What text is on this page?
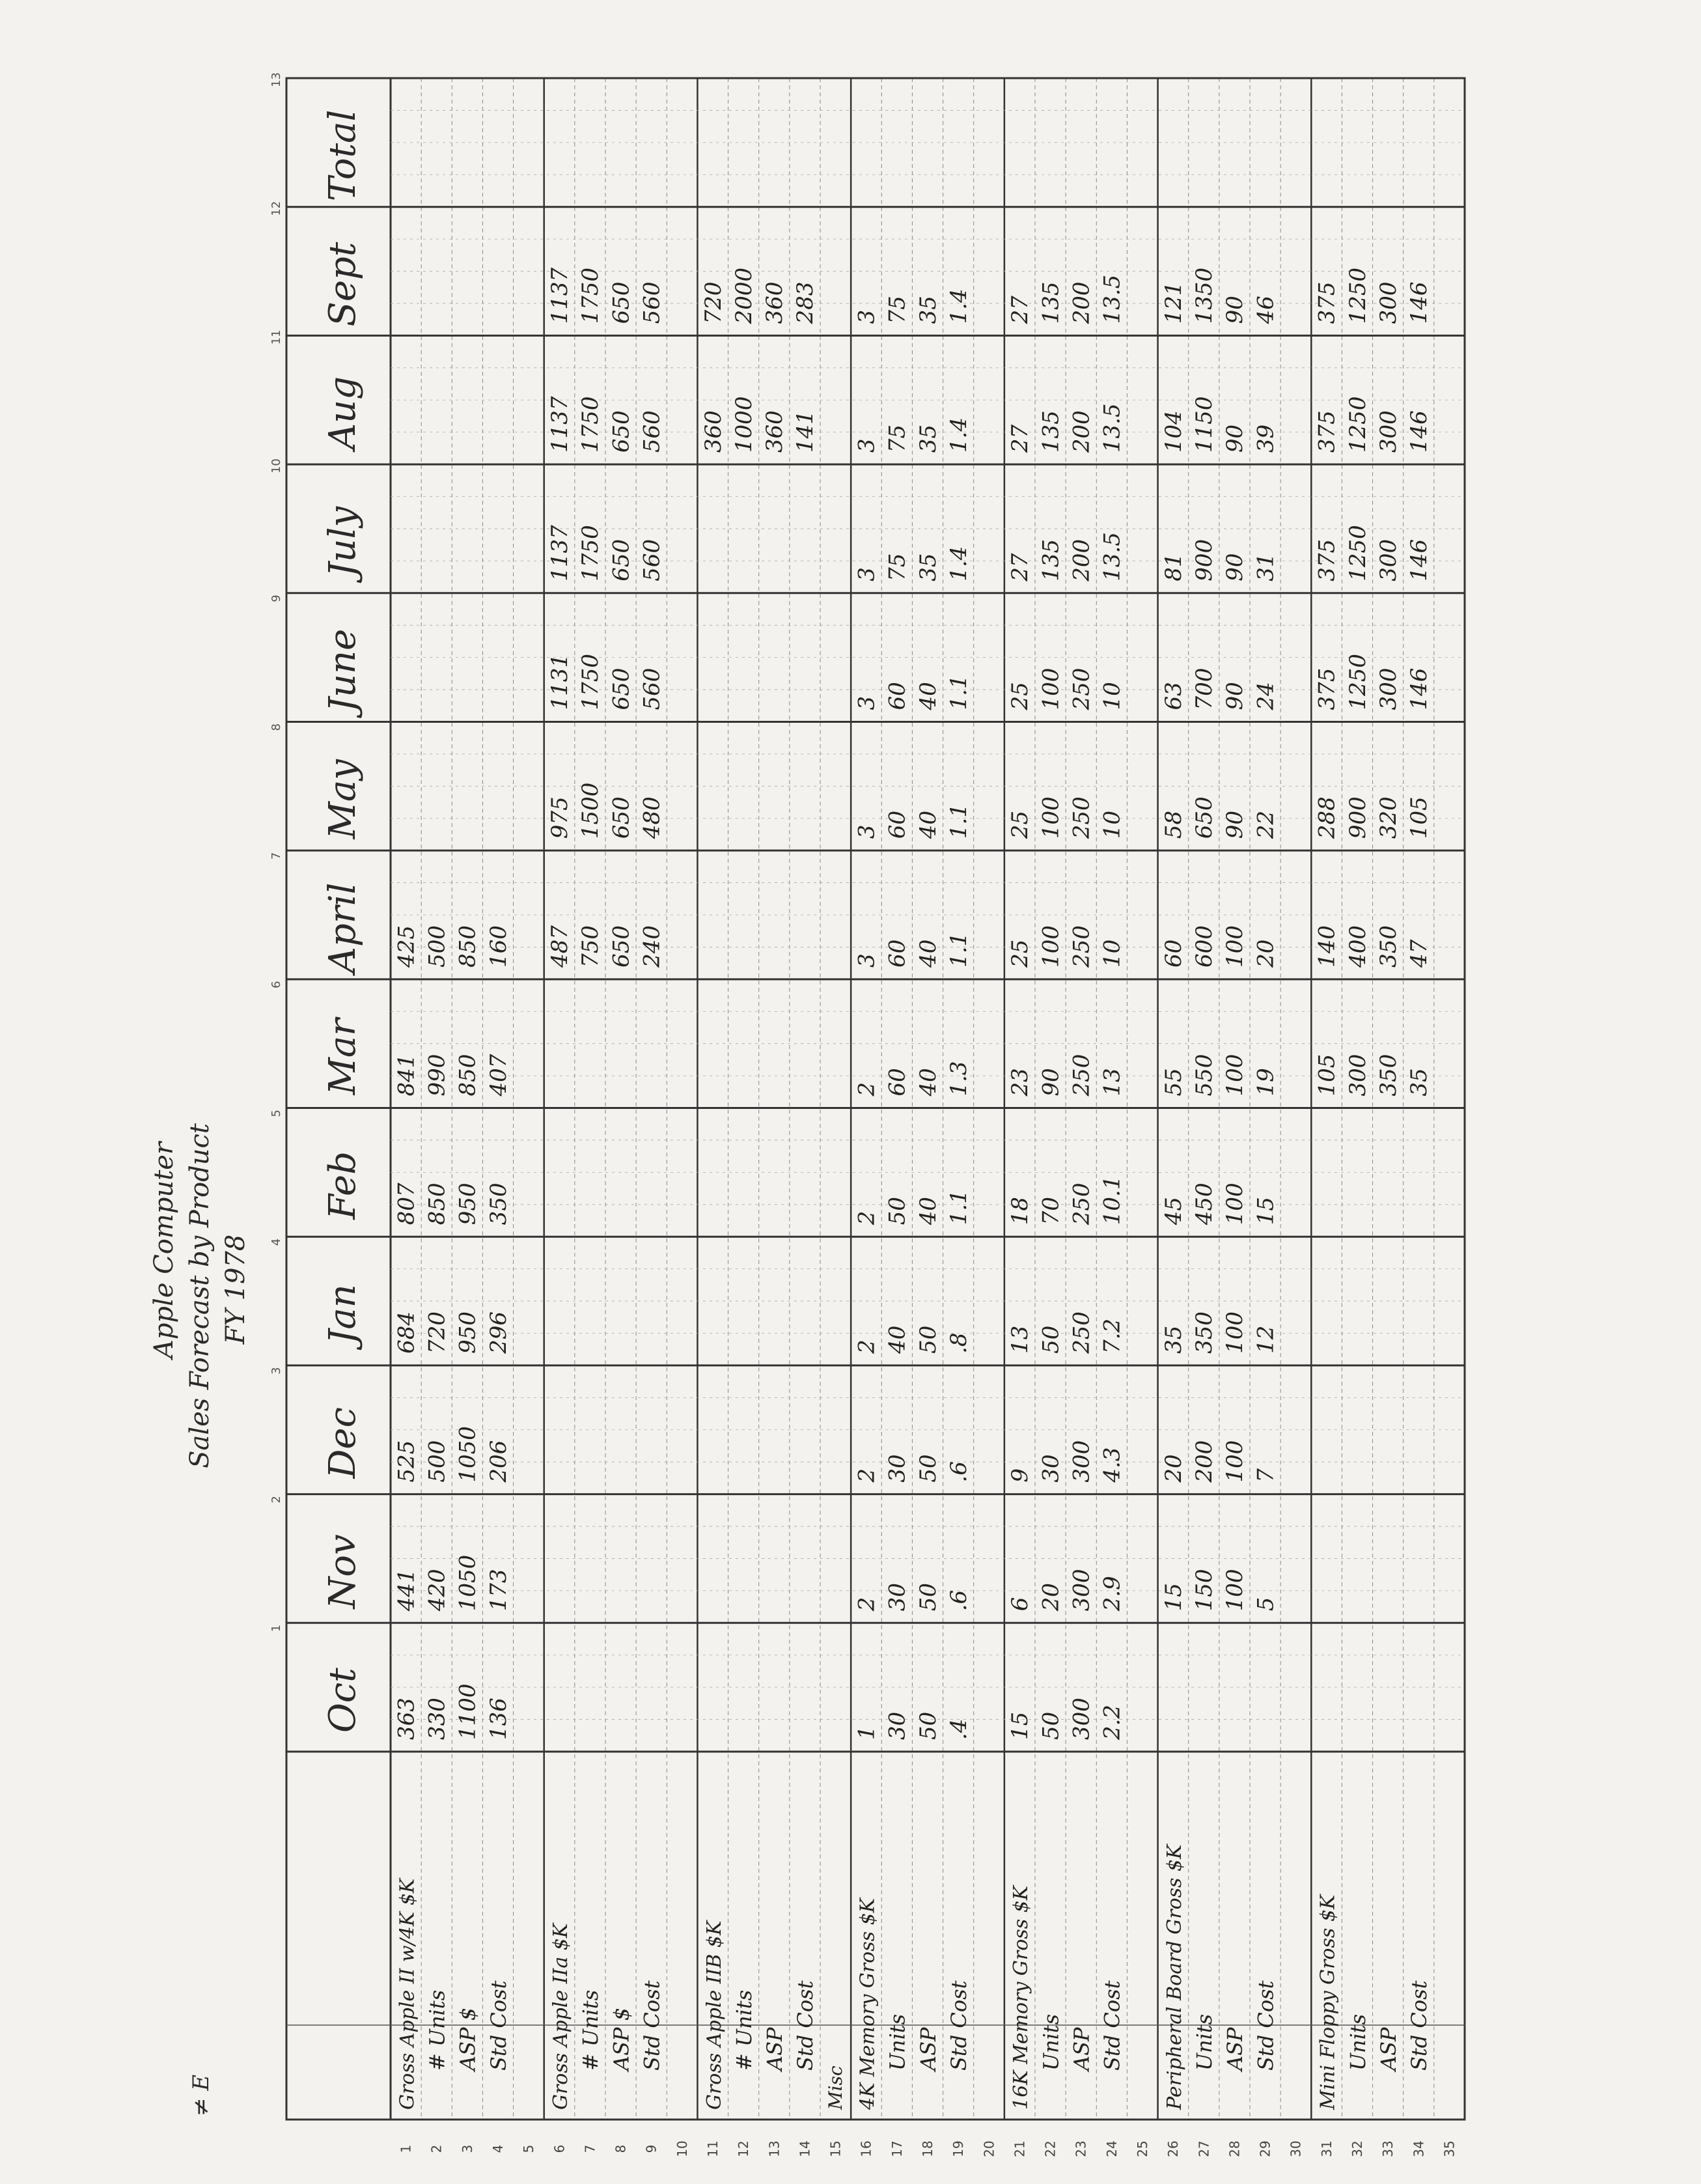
Apple Computer Sales Forecast by Product FY 1978
≠ E
Oct
Nov
Dec
Jan
Feb
Mar
April
May
June
July
Aug
Sept
Total
1
2
3
4
5
6
7
8
9
10
11
12
13
1 2 3 4 5 6 7 8 9 10 11 12 13 14 15 16 17 18 19 20 21 22 23 24 25 26 27 28 29 30 31 32 33 34 35
Gross Apple II w/4K $K # Units ASP $ Std Cost
363
441
525
684
807
841
425
330
420
500
720
850
990
500
1100
1050
1050
950
950
850
850
136
173
206
296
350
407
160
Gross Apple IIa $K # Units ASP $ Std Cost
487
975
1131
1137
1137
1137
750
1500
1750
1750
1750
1750
650
650
650
650
650
650
240
480
560
560
560
560
Gross Apple IIB $K # Units ASP Std Cost
360
720
1000
2000
360
360
141
283
Misc 4K Memory Gross $K Units ASP Std Cost
1
2
2
2
2
2
3
3
3
3
3
3
30
30
30
40
50
60
60
60
60
75
75
75
50
50
50
50
40
40
40
40
40
35
35
35
.4
.6
.6
.8
1.1
1.3
1.1
1.1
1.1
1.4
1.4
1.4
16K Memory Gross $K Units ASP Std Cost
15
6
9
13
18
23
25
25
25
27
27
27
50
20
30
50
70
90
100
100
100
135
135
135
300
300
300
250
250
250
250
250
250
200
200
200
2.2
2.9
4.3
7.2
10.1
13
10
10
10
13.5
13.5
13.5
Peripheral Board Gross $K Units ASP Std Cost
15
20
35
45
55
60
58
63
81
104
121
150
200
350
450
550
600
650
700
900
1150
1350
100
100
100
100
100
100
90
90
90
90
90
5
7
12
15
19
20
22
24
31
39
46
Mini Floppy Gross $K Units ASP Std Cost
105
140
288
375
375
375
375
300
400
900
1250
1250
1250
1250
350
350
320
300
300
300
300
35
47
105
146
146
146
146
